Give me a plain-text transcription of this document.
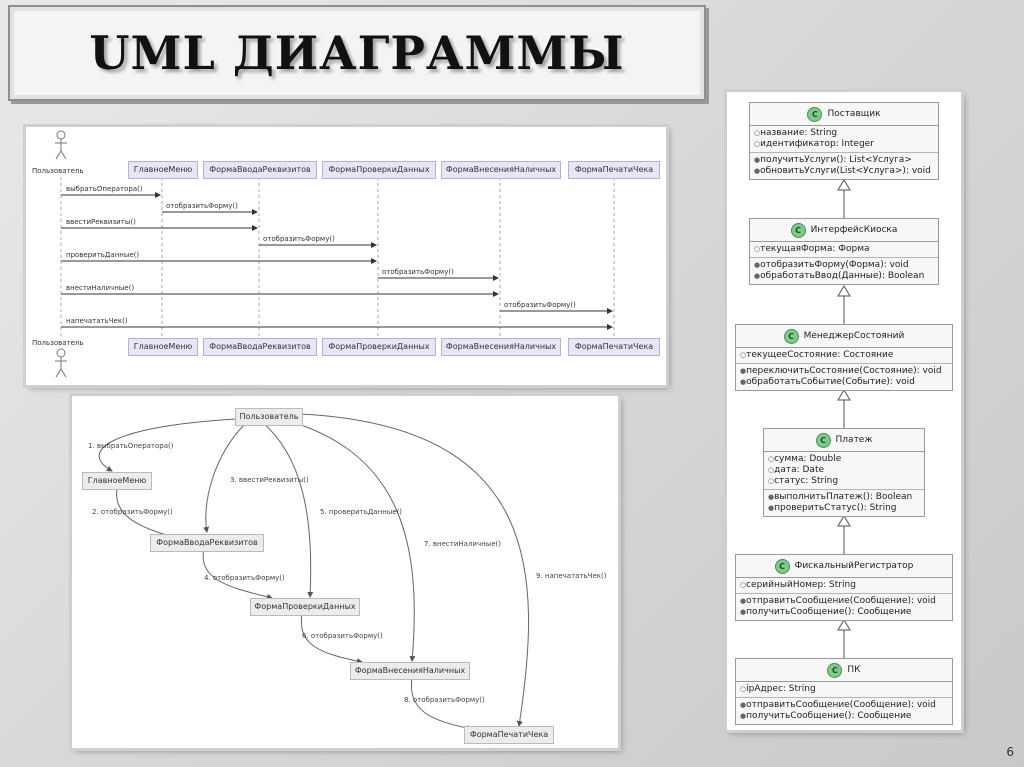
UML ДИАГРАММЫ
Пользователь
Пользователь
ГлавноеМеню	ФормаВводаРеквизитов	ФормаПроверкиДанных	ФормаВнесенияНаличных	ФормаПечатиЧека
ГлавноеМеню	ФормаВводаРеквизитов	ФормаПроверкиДанных	ФормаВнесенияНаличных	ФормаПечатиЧека
выбратьОператора()
отобразитьФорму()
ввестиРеквизиты()
отобразитьФорму()
проверитьДанные()
отобразитьФорму()
внестиНаличные()
отобразитьФорму()
напечататьЧек()
Пользователь
ГлавноеМеню
ФормаВводаРеквизитов
ФормаПроверкиДанных
ФормаВнесенияНаличных
ФормаПечатиЧека
1. выбратьОператора()
2. отобразитьФорму()
3. ввестиРеквизиты()
4. отобразитьФорму()
5. проверитьДанные()
6. отобразитьФорму()
7. внестиНаличные()
8. отобразитьФорму()
9. напечататьЧек()
C	Поставщик
○ название: String
○ идентификатор: Integer
● получитьУслуги(): List<Услуга>
● обновитьУслуги(List<Услуга>): void
C	ИнтерфейсКиоска
○ текущаяФорма: Форма
● отобразитьФорму(Форма): void
● обработатьВвод(Данные): Boolean
C	МенеджерСостояний
○ текущееСостояние: Состояние
● переключитьСостояние(Состояние): void
● обработатьСобытие(Событие): void
C	Платеж
○ сумма: Double
○ дата: Date
○ статус: String
● выполнитьПлатеж(): Boolean
● проверитьСтатус(): String
C	ФискальныйРегистратор
○ серийныйНомер: String
● отправитьСообщение(Сообщение): void
● получитьСообщение(): Сообщение
C	ПК
○ ipАдрес: String
● отправитьСообщение(Сообщение): void
● получитьСообщение(): Сообщение
6
